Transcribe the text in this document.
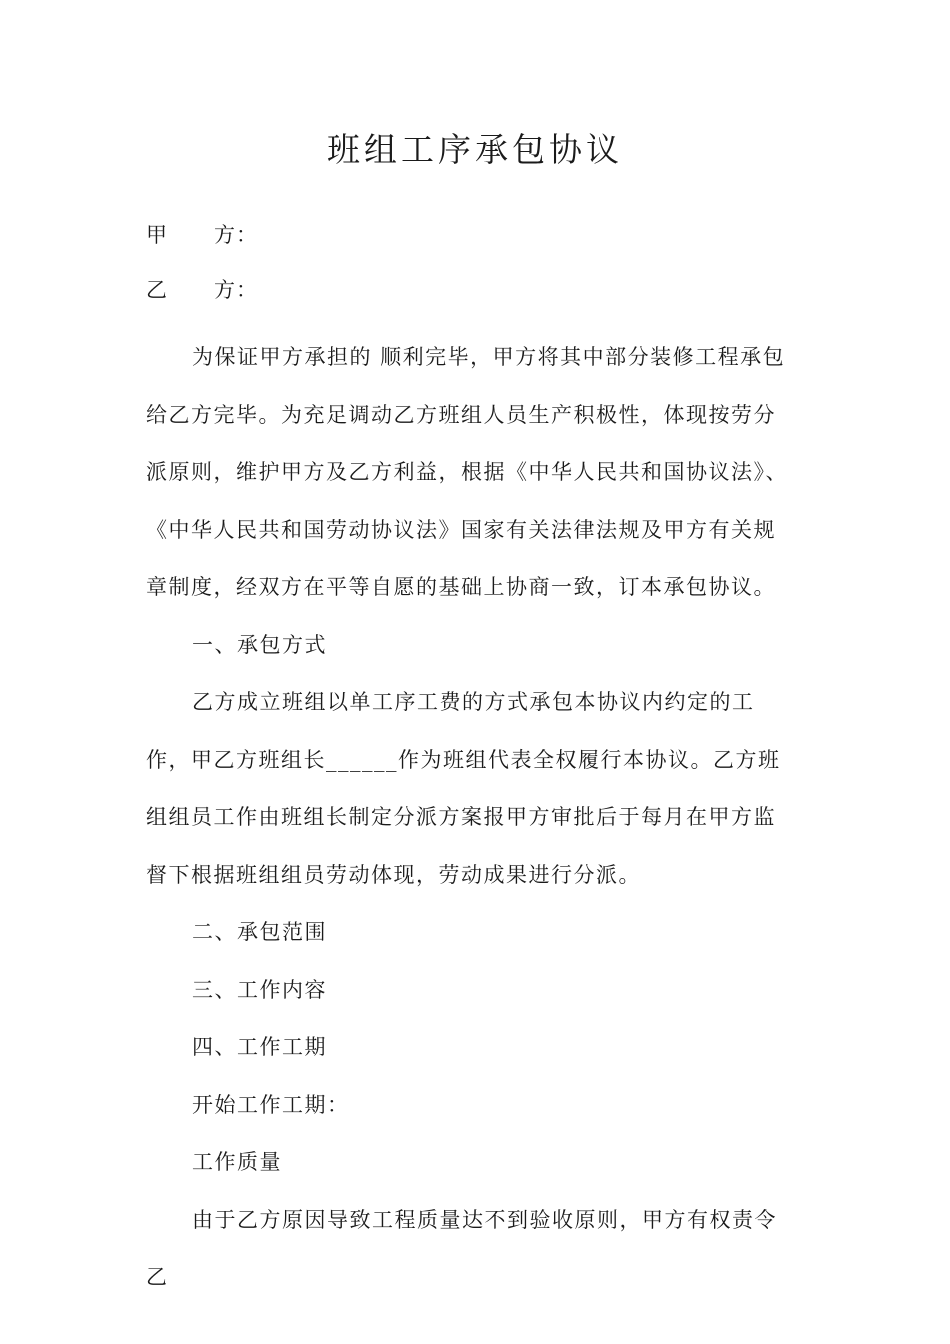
班组工序承包协议
甲 方：
乙 方：

为保证甲方承担的 顺利完毕，甲方将其中部分装修工程承包给乙方完毕。为充足调动乙方班组人员生产积极性，体现按劳分派原则，维护甲方及乙方利益，根据《中华人民共和国协议法》、《中华人民共和国劳动协议法》国家有关法律法规及甲方有关规章制度，经双方在平等自愿的基础上协商一致，订本承包协议。

一、承包方式

乙方成立班组以单工序工费的方式承包本协议内约定的工作，甲乙方班组长______作为班组代表全权履行本协议。乙方班组组员工作由班组长制定分派方案报甲方审批后于每月在甲方监督下根据班组组员劳动体现，劳动成果进行分派。

二、承包范围

三、工作内容

四、工作工期

开始工作工期：

工作质量

由于乙方原因导致工程质量达不到验收原则，甲方有权责令乙
